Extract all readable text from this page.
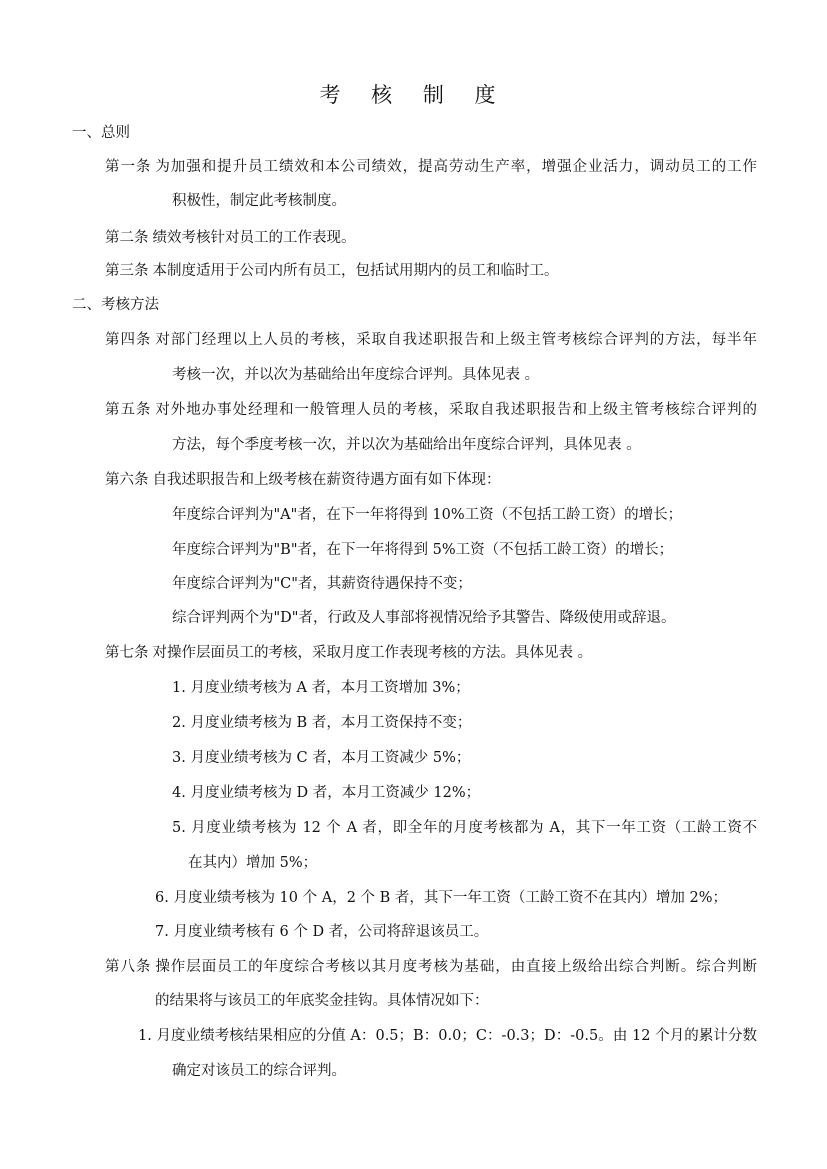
考 核 制 度
一、总则
第一条 为加强和提升员工绩效和本公司绩效，提高劳动生产率，增强企业活力，调动员工的工作
积极性，制定此考核制度。
第二条 绩效考核针对员工的工作表现。
第三条 本制度适用于公司内所有员工，包括试用期内的员工和临时工。
二、考核方法
第四条 对部门经理以上人员的考核，采取自我述职报告和上级主管考核综合评判的方法，每半年
考核一次，并以次为基础给出年度综合评判。具体见表 。
第五条 对外地办事处经理和一般管理人员的考核，采取自我述职报告和上级主管考核综合评判的
方法，每个季度考核一次，并以次为基础给出年度综合评判，具体见表 。
第六条 自我述职报告和上级考核在薪资待遇方面有如下体现：
年度综合评判为"A"者，在下一年将得到 10%工资（不包括工龄工资）的增长；
年度综合评判为"B"者，在下一年将得到 5%工资（不包括工龄工资）的增长；
年度综合评判为"C"者，其薪资待遇保持不变；
综合评判两个为"D"者，行政及人事部将视情况给予其警告、降级使用或辞退。
第七条 对操作层面员工的考核，采取月度工作表现考核的方法。具体见表 。
1. 月度业绩考核为 A 者，本月工资增加 3%；
2. 月度业绩考核为 B 者，本月工资保持不变；
3. 月度业绩考核为 C 者，本月工资减少 5%；
4. 月度业绩考核为 D 者，本月工资减少 12%；
5. 月度业绩考核为 12 个 A 者，即全年的月度考核都为 A，其下一年工资（工龄工资不
在其内）增加 5%；
6. 月度业绩考核为 10 个 A，2 个 B 者，其下一年工资（工龄工资不在其内）增加 2%；
7. 月度业绩考核有 6 个 D 者，公司将辞退该员工。
第八条 操作层面员工的年度综合考核以其月度考核为基础，由直接上级给出综合判断。综合判断
的结果将与该员工的年底奖金挂钩。具体情况如下：
1. 月度业绩考核结果相应的分值 A：0.5；B：0.0；C：-0.3；D：-0.5。由 12 个月的累计分数
确定对该员工的综合评判。
